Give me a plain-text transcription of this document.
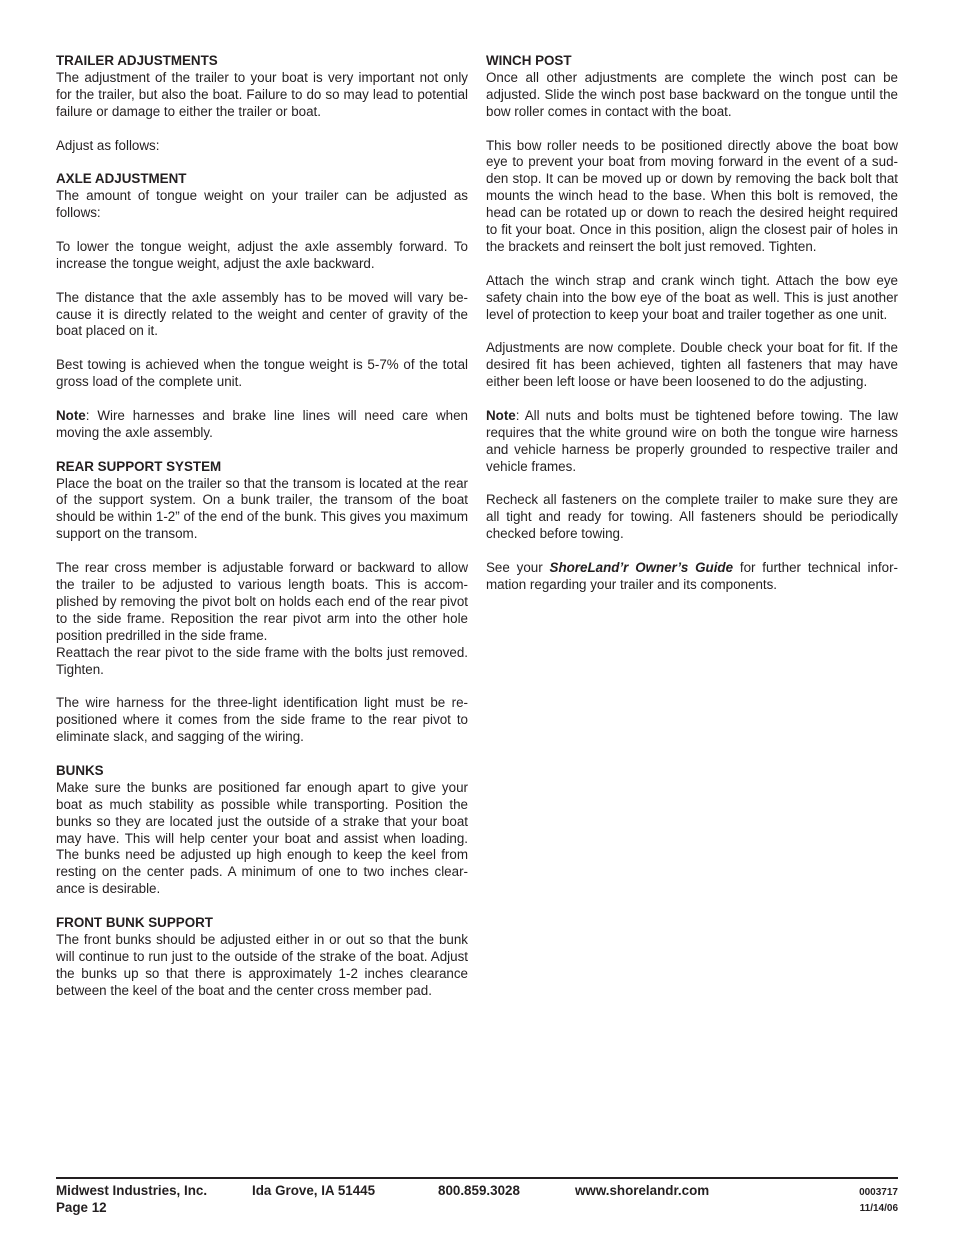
TRAILER ADJUSTMENTS

The adjustment of the trailer to your boat is very important not only for the trailer, but also the boat. Failure to do so may lead to potential failure or damage to either the trailer or boat.

Adjust as follows:

AXLE ADJUSTMENT

The amount of tongue weight on your trailer can be adjusted as follows:

To lower the tongue weight, adjust the axle assembly forward. To increase the tongue weight, adjust the axle backward.

The distance that the axle assembly has to be moved will vary because it is directly related to the weight and center of gravity of the boat placed on it.

Best towing is achieved when the tongue weight is 5-7% of the total gross load of the complete unit.

Note: Wire harnesses and brake line lines will need care when moving the axle assembly.

REAR SUPPORT SYSTEM

Place the boat on the trailer so that the transom is located at the rear of the support system. On a bunk trailer, the transom of the boat should be within 1-2” of the end of the bunk. This gives you maximum support on the transom.

The rear cross member is adjustable forward or backward to allow the trailer to be adjusted to various length boats. This is accomplished by removing the pivot bolt on holds each end of the rear pivot to the side frame. Reposition the rear pivot arm into the other hole position predrilled in the side frame.

Reattach the rear pivot to the side frame with the bolts just removed. Tighten.

The wire harness for the three-light identification light must be repositioned where it comes from the side frame to the rear pivot to eliminate slack, and sagging of the wiring.

BUNKS

Make sure the bunks are positioned far enough apart to give your boat as much stability as possible while transporting. Position the bunks so they are located just the outside of a strake that your boat may have. This will help center your boat and assist when loading. The bunks need be adjusted up high enough to keep the keel from resting on the center pads. A minimum of one to two inches clearance is desirable.

FRONT BUNK SUPPORT

The front bunks should be adjusted either in or out so that the bunk will continue to run just to the outside of the strake of the boat. Adjust the bunks up so that there is approximately 1-2 inches clearance between the keel of the boat and the center cross member pad.

WINCH POST

Once all other adjustments are complete the winch post can be adjusted. Slide the winch post base backward on the tongue until the bow roller comes in contact with the boat.

This bow roller needs to be positioned directly above the boat bow eye to prevent your boat from moving forward in the event of a sudden stop. It can be moved up or down by removing the back bolt that mounts the winch head to the base. When this bolt is removed, the head can be rotated up or down to reach the desired height required to fit your boat. Once in this position, align the closest pair of holes in the brackets and reinsert the bolt just removed. Tighten.

Attach the winch strap and crank winch tight. Attach the bow eye safety chain into the bow eye of the boat as well. This is just another level of protection to keep your boat and trailer together as one unit.

Adjustments are now complete. Double check your boat for fit. If the desired fit has been achieved, tighten all fasteners that may have either been left loose or have been loosened to do the adjusting.

Note: All nuts and bolts must be tightened before towing. The law requires that the white ground wire on both the tongue wire harness and vehicle harness be properly grounded to respective trailer and vehicle frames.

Recheck all fasteners on the complete trailer to make sure they are all tight and ready for towing. All fasteners should be periodically checked before towing.

See your ShoreLand’r Owner’s Guide for further technical information regarding your trailer and its components.

Midwest Industries, Inc.	Ida Grove, IA 51445	800.859.3028	www.shorelandr.com
Page 12
0003717
11/14/06
